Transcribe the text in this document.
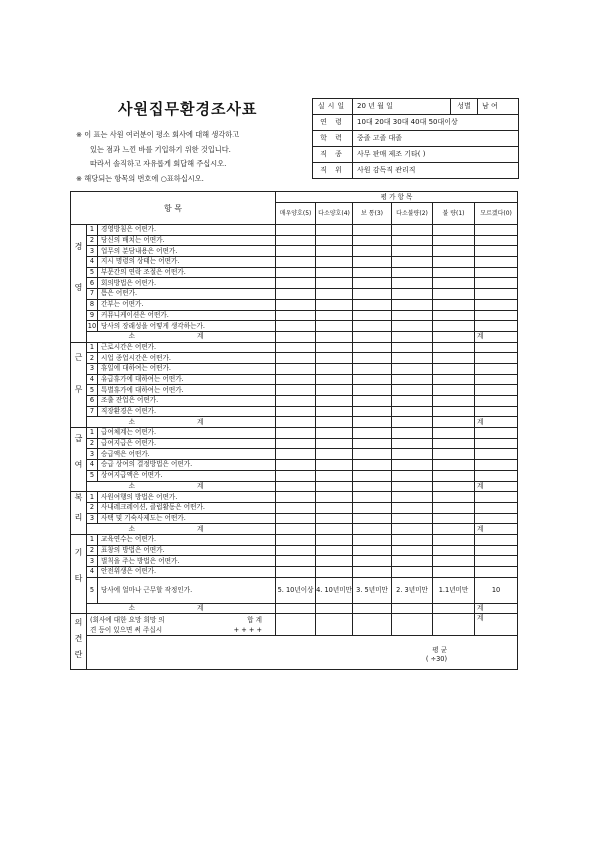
사원집무환경조사표
※ 이 표는 사원 여러분이 평소 회사에 대해 생각하고
있는 점과 느낀 바를 기입하기 위한 것입니다.
따라서 솔직하고 자유롭게 회답해 주십시오.
※ 해당되는 항목의 번호에 ○표하십시오.
실시일	20 년 월 일	성별	남 여
연 령	10대 20대 30대 40대 50대이상		
학 력	중졸 고졸 대졸		
직 종	사무 판매 제조 기타( )		
직 위	사원 감독직 관리직		
항 목			평 가 항 목					
			매우양호(5)	다소양호(4)	보 통(3)	다소불량(2)	불 량(1)	모르겠다(0)

경영	1	경영방침은 어떤가.						
	2	당신의 배치는 어떤가.						
	3	업무의 분담내용은 어떤가.						
	4	지시 명령의 상태는 어떤가.						
	5	부문간의 연락 조절은 어떤가.						
	6	회의방법은 어떤가.						
	7	틈은 어떤가.						
	8	간부는 어떤가.						
	9	커뮤니케이션은 어떤가.						
	10	당사의 장래성을 어떻게 생각하는가.						
	소 계							계

근무	1	근로시간은 어떤가.						
	2	시업 종업시간은 어떤가.						
	3	휴일에 대하여는 어떤가.						
	4	유급휴가에 대하여는 어떤가.						
	5	특별휴가에 대하여는 어떤가.						
	6	조출 잔업은 어떤가.						
	7	직장환경은 어떤가.						
	소 계							계

급여	1	급여체계는 어떤가.						
	2	급여지급은 어떤가.						
	3	승급액은 어떤가.						
	4	승급 상여의 결정방법은 어떤가.						
	5	상여지급액은 어떤가.						
	소 계							계

복리	1	사원여행의 방법은 어떤가.						
	2	사내레크레이션, 클럽활동은 어떤가.						
	3	사택 및 기숙사제도는 어떤가.						
	소 계							계

기타	1	교육연수는 어떤가.						
	2	표창의 방법은 어떤가.						
	3	벌칙을 주는 방법은 어떤가.						
	4	안전위생은 어떤가.						
	5	당사에 얼마나 근무할 작정인가.	5. 10년이상	4. 10년미만	3. 5년미만	2. 3년미만	1.1년미만	10
	소 계							계

의견란	(회사에 대한 요망 희망 의 합 계
견 등이 있으면 써 주십시 + + + +							계

	평 균
( ÷30)							
